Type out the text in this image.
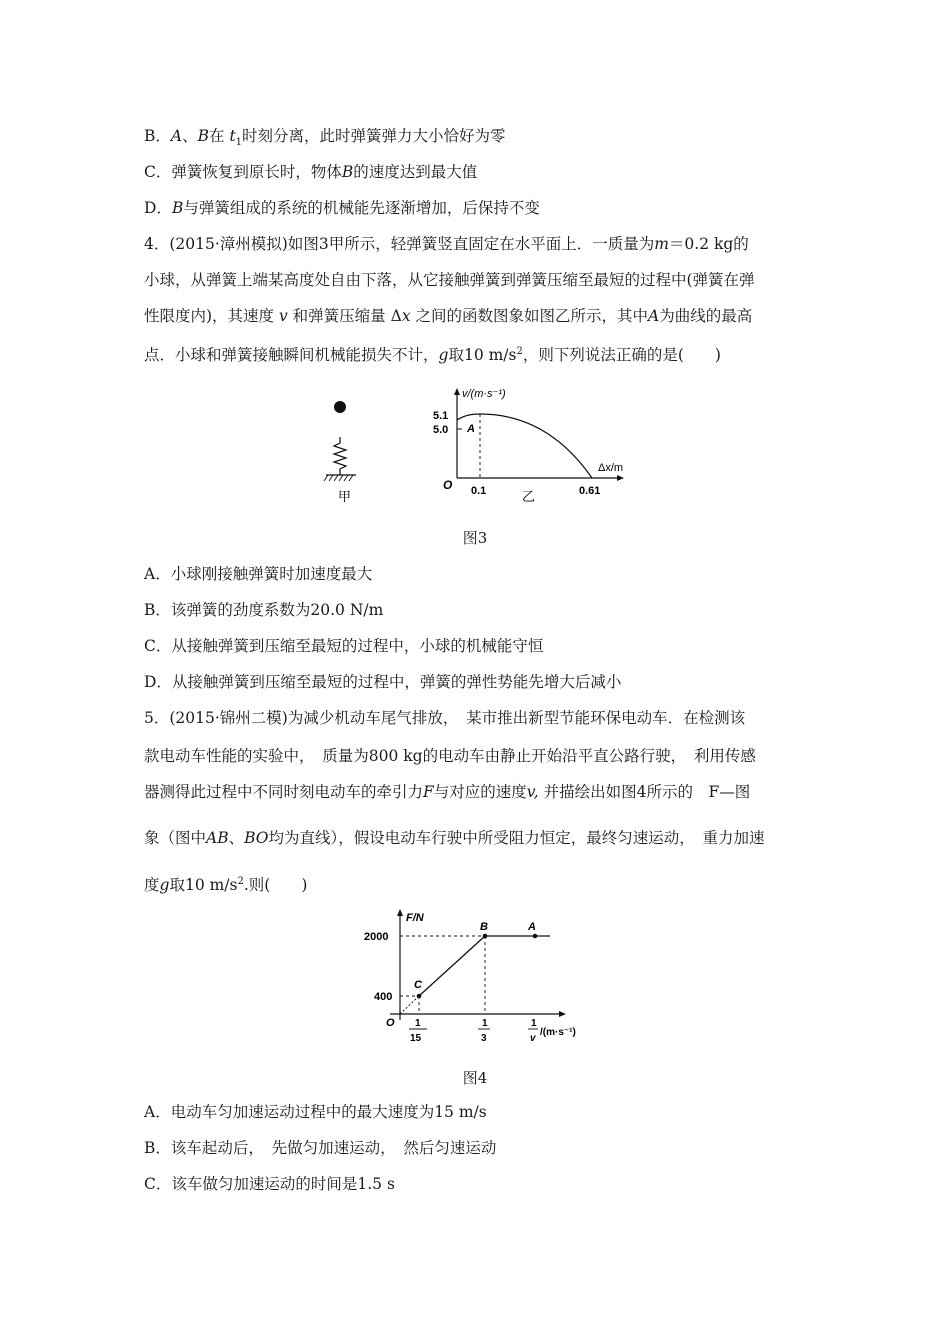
B．A、B在 $t_1$时刻分离，此时弹簧弹力大小恰好为零
C．弹簧恢复到原长时，物体B的速度达到最大值
D．B与弹簧组成的系统的机械能先逐渐增加，后保持不变
4．(2015·漳州模拟)如图3甲所示，轻弹簧竖直固定在水平面上．一质量为m＝0.2 kg的
小球，从弹簧上端某高度处自由下落，从它接触弹簧到弹簧压缩至最短的过程中(弹簧在弹
性限度内)，其速度 v 和弹簧压缩量 Δx 之间的函数图象如图乙所示，其中A为曲线的最高
点．小球和弹簧接触瞬间机械能损失不计，g取10 $m/s^2$，则下列说法正确的是(　　)
甲
v/(m·s⁻¹)
Δx/m
O
5.1
5.0 A
0.1	0.61
乙
图3
A．小球刚接触弹簧时加速度最大
B．该弹簧的劲度系数为20.0 N/m
C．从接触弹簧到压缩至最短的过程中，小球的机械能守恒
D．从接触弹簧到压缩至最短的过程中，弹簧的弹性势能先增大后减小
5．(2015·锦州二模)为减少机动车尾气排放，　某市推出新型节能环保电动车．在检测该
款电动车性能的实验中，　质量为800 kg的电动车由静止开始沿平直公路行驶，　利用传感
器测得此过程中不同时刻电动车的牵引力F与对应的速度v, 并描绘出如图4所示的　F—图
象（图中AB、BO均为直线），假设电动车行驶中所受阻力恒定，最终匀速运动，　重力加速
度g取10 $m/s^2$.则(　　)
F/N
2000
400
O
C
B	A
1
15
1
3
1
v
/(m·s⁻¹)
图4
A．电动车匀加速运动过程中的最大速度为15 m/s
B．该车起动后，　先做匀加速运动，　然后匀速运动
C．该车做匀加速运动的时间是1.5 s
